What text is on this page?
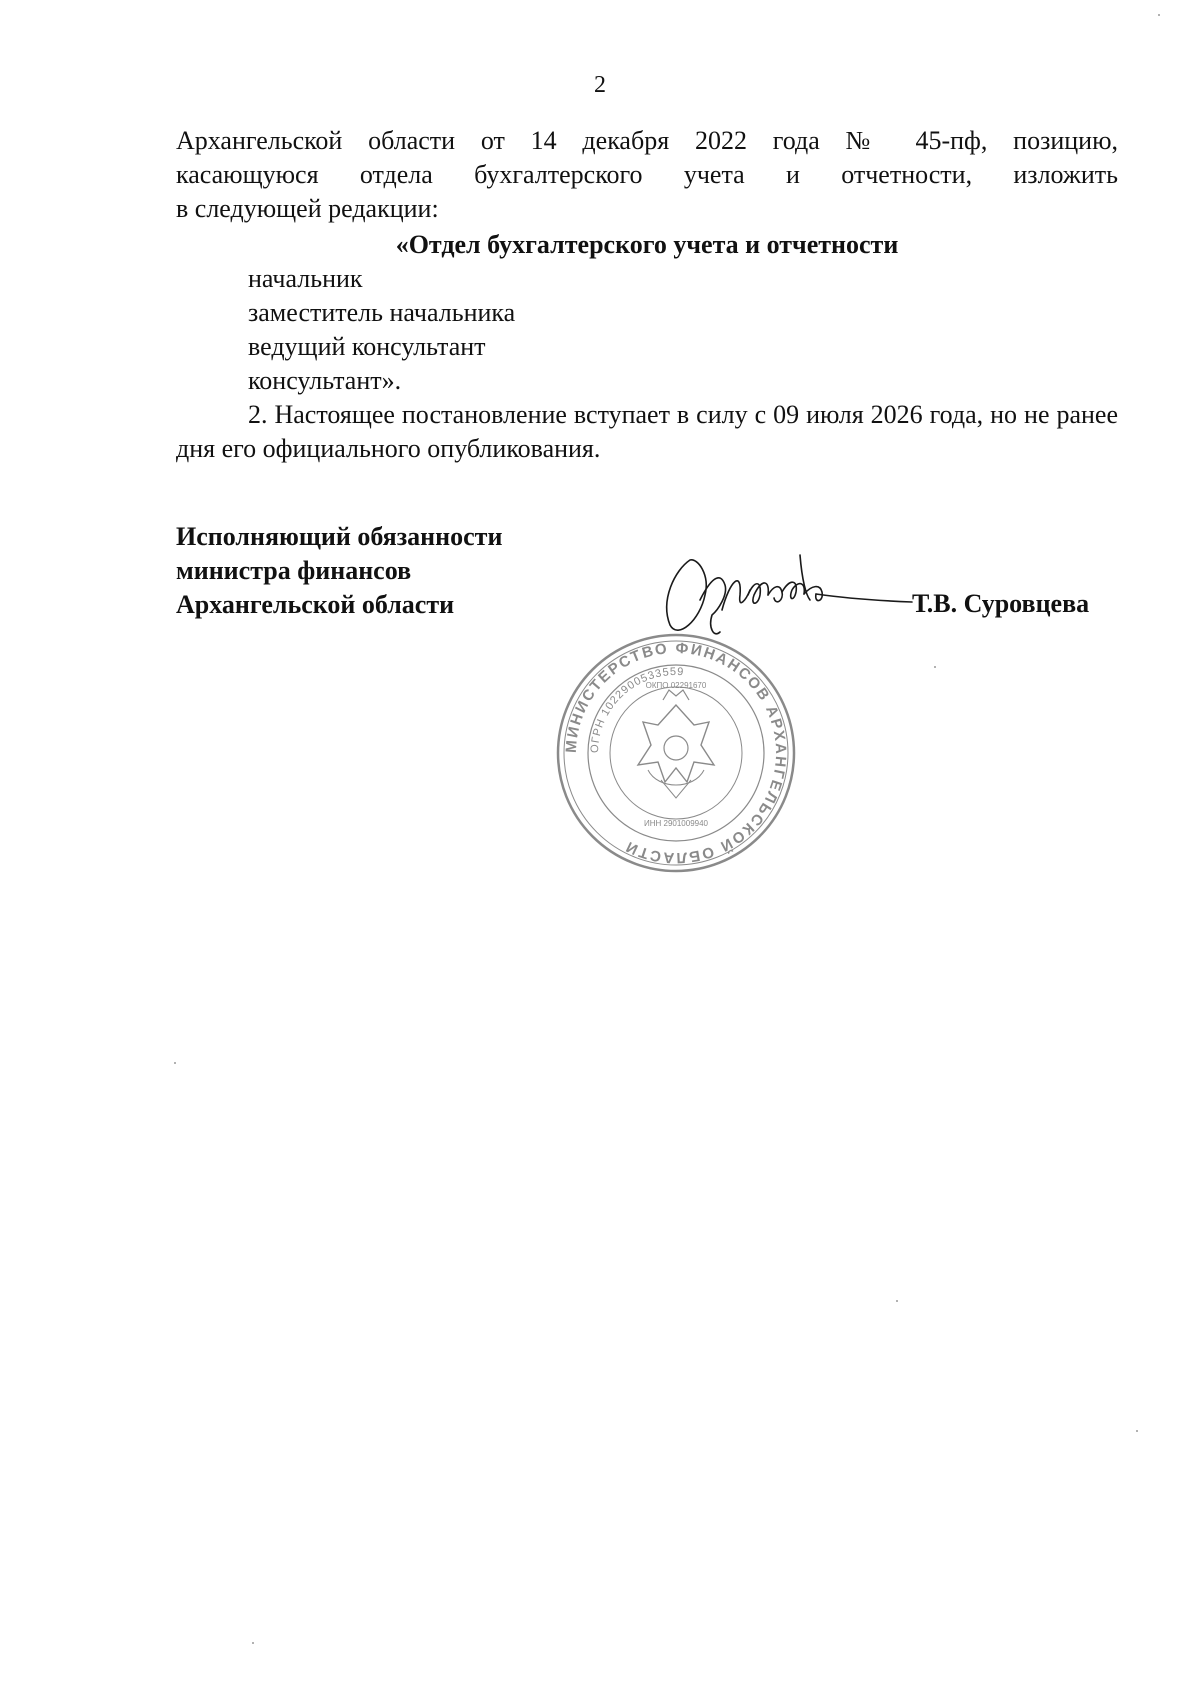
2

Архангельской области от 14 декабря 2022 года № 45-пф, позицию,
касающуюся отдела бухгалтерского учета и отчетности, изложить
в следующей редакции:

«Отдел бухгалтерского учета и отчетности

начальник
заместитель начальника
ведущий консультант
консультант».

2. Настоящее постановление вступает в силу с 09 июля 2026 года, но не ранее дня его официального опубликования.

Исполняющий обязанности
министра финансов
Архангельской области	Т.В. Суровцева
МИНИСТЕРСТВО ФИНАНСОВ АРХАНГЕЛЬСКОЙ ОБЛАСТИ
ОГРН 1022900533559
ИНН 2901009940
ОКПО 02291670
